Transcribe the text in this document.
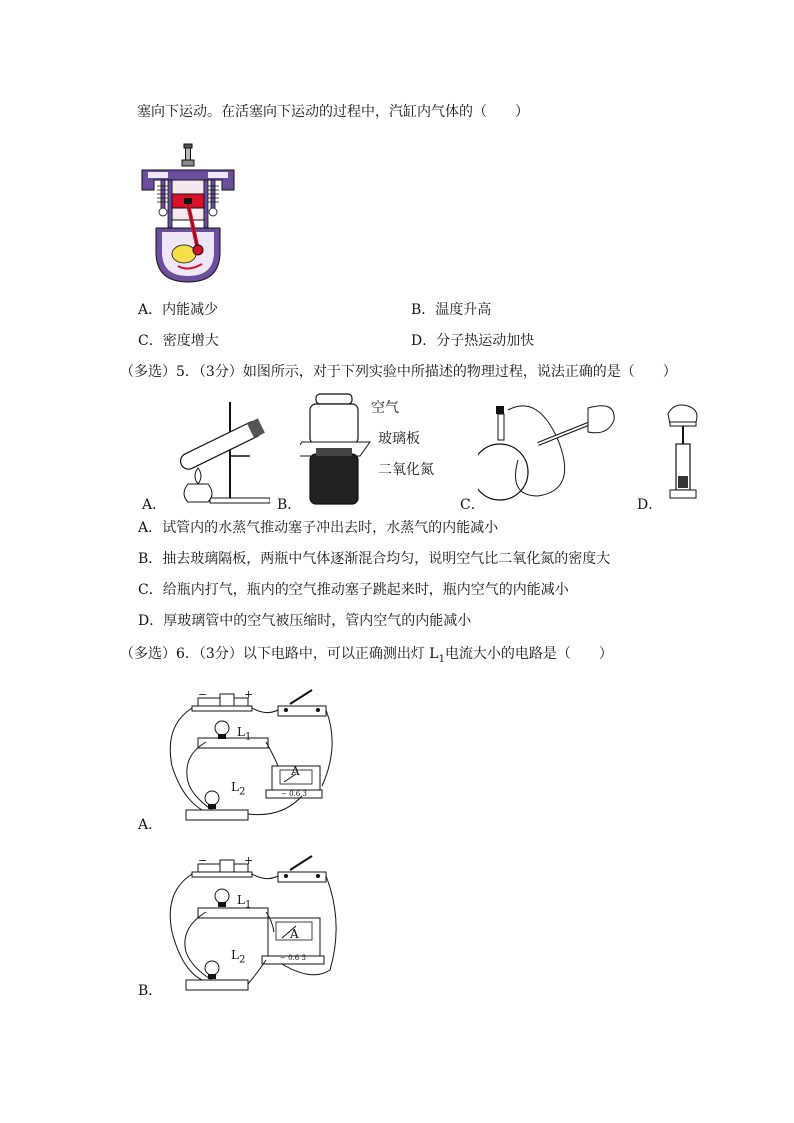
塞向下运动。在活塞向下运动的过程中，汽缸内气体的（　　）
A．内能减少	B．温度升高
C．密度增大	D．分子热运动加快
（多选）5．（3分）如图所示，对于下列实验中所描述的物理过程，说法正确的是（　　）
A．
空气
玻璃板
二氧化氮
B．	C．	D．
A．试管内的水蒸气推动塞子冲出去时，水蒸气的内能减小
B．抽去玻璃隔板，两瓶中气体逐渐混合均匀，说明空气比二氧化氮的密度大
C．给瓶内打气，瓶内的空气推动塞子跳起来时，瓶内空气的内能减小
D．厚玻璃管中的空气被压缩时，管内空气的内能减小
（多选）6．（3分）以下电路中，可以正确测出灯 $L_1$电流大小的电路是（　　）
−	+
$L_1$
A
− 0.6 3
$L_2$
A．
−	+
$L_1$
A
− 0.6 3
$L_2$
B．
